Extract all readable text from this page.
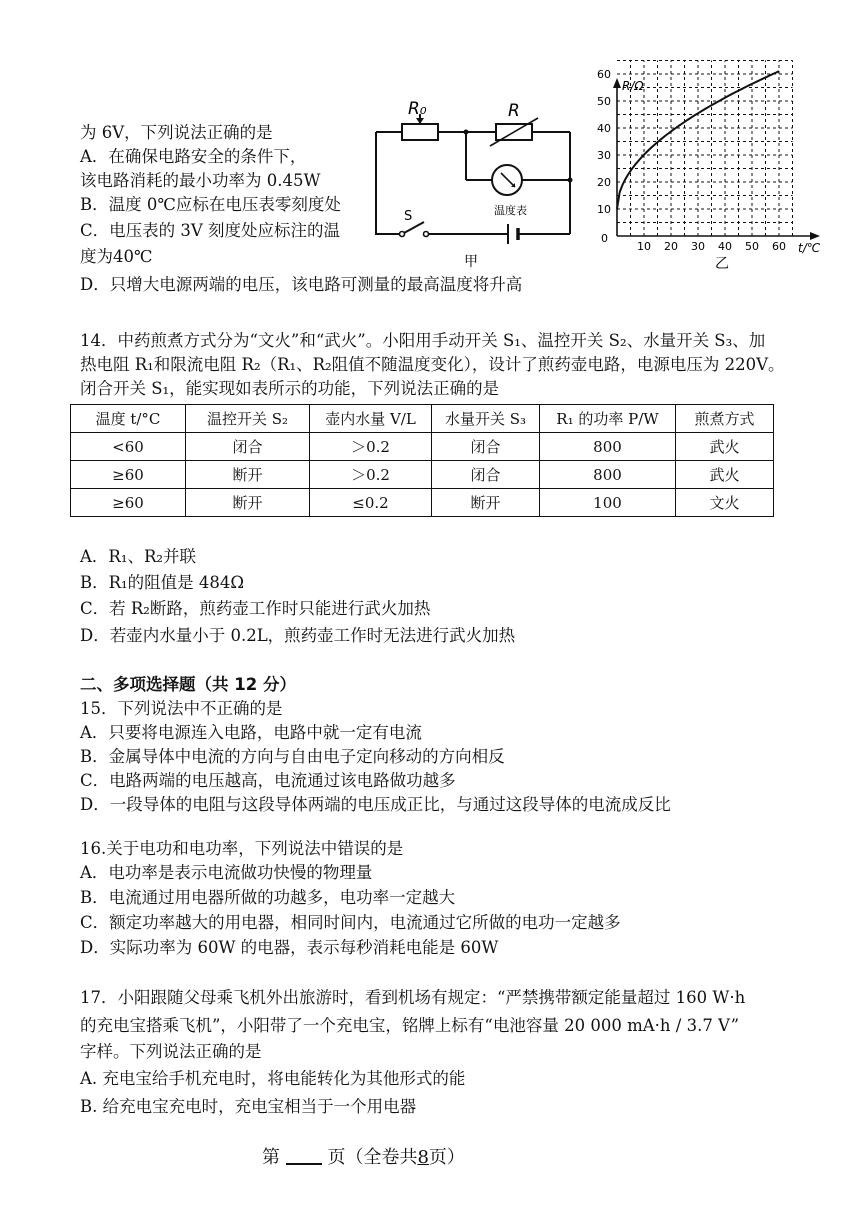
为 6V，下列说法正确的是
A．在确保电路安全的条件下，
该电路消耗的最小功率为 0.45W
B．温度 0℃应标在电压表零刻度处
C．电压表的 3V 刻度处应标注的温
度为40℃
D．只增大电源两端的电压，该电路可测量的最高温度将升高
R₀	R
温度表
S
甲
10
20
30
40
50
60
10 20 30 40 50 60
R/Ω
t/℃
0
乙
14．中药煎煮方式分为“文火”和“武火”。小阳用手动开关 S₁、温控开关 S₂、水量开关 S₃、加
热电阻 R₁和限流电阻 R₂（R₁、R₂阻值不随温度变化），设计了煎药壶电路，电源电压为 220V。
闭合开关 S₁，能实现如表所示的功能，下列说法正确的是
温度 t/°C	温控开关 S₂	壶内水量 V/L	水量开关 S₃	R₁ 的功率 P/W	煎煮方式
<60	闭合	＞0.2	闭合	800	武火
≥60	断开	＞0.2	闭合	800	武火
≥60	断开	≤0.2	断开	100	文火
A．R₁、R₂并联
B．R₁的阻值是 484Ω
C．若 R₂断路，煎药壶工作时只能进行武火加热
D．若壶内水量小于 0.2L，煎药壶工作时无法进行武火加热
二、多项选择题（共 12 分）
15．下列说法中不正确的是
A．只要将电源连入电路，电路中就一定有电流
B．金属导体中电流的方向与自由电子定向移动的方向相反
C．电路两端的电压越高，电流通过该电路做功越多
D．一段导体的电阻与这段导体两端的电压成正比，与通过这段导体的电流成反比
16.关于电功和电功率，下列说法中错误的是
A．电功率是表示电流做功快慢的物理量
B．电流通过用电器所做的功越多，电功率一定越大
C．额定功率越大的用电器，相同时间内，电流通过它所做的电功一定越多
D．实际功率为 60W 的电器，表示每秒消耗电能是 60W
17．小阳跟随父母乘飞机外出旅游时，看到机场有规定：“严禁携带额定能量超过 160 W·h
的充电宝搭乘飞机”，小阳带了一个充电宝，铭牌上标有“电池容量 20 000 mA·h / 3.7 V”
字样。下列说法正确的是
A. 充电宝给手机充电时，将电能转化为其他形式的能
B. 给充电宝充电时，充电宝相当于一个用电器
第	页（全卷共8页）
